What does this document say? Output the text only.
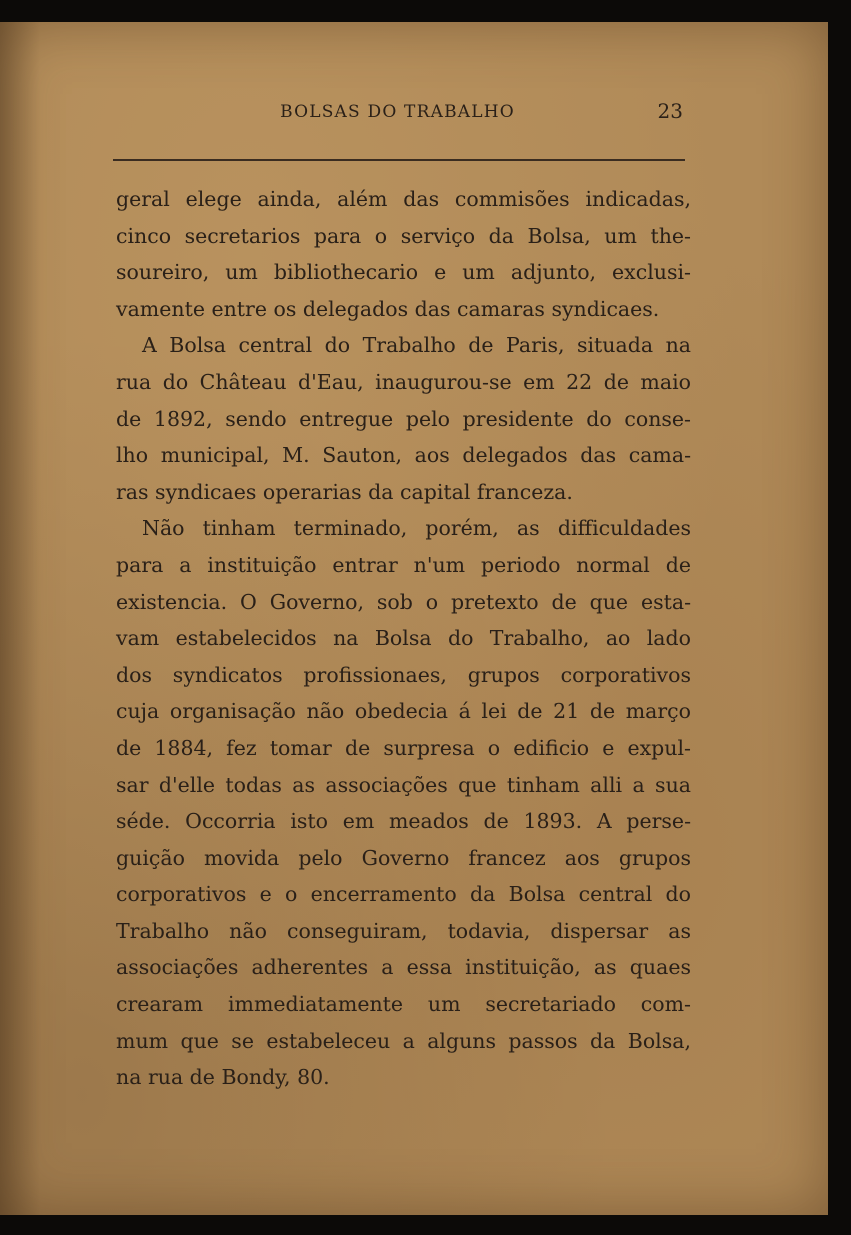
BOLSAS DO TRABALHO	23
geral elege ainda, além das commisões indicadas,
cinco secretarios para o serviço da Bolsa, um the-
soureiro, um bibliothecario e um adjunto, exclusi-
vamente entre os delegados das camaras syndicaes.
A Bolsa central do Trabalho de Paris, situada na
rua do Château d'Eau, inaugurou-se em 22 de maio
de 1892, sendo entregue pelo presidente do conse-
lho municipal, M. Sauton, aos delegados das cama-
ras syndicaes operarias da capital franceza.
Não tinham terminado, porém, as difficuldades
para a instituição entrar n'um periodo normal de
existencia. O Governo, sob o pretexto de que esta-
vam estabelecidos na Bolsa do Trabalho, ao lado
dos syndicatos profissionaes, grupos corporativos
cuja organisação não obedecia á lei de 21 de março
de 1884, fez tomar de surpresa o edificio e expul-
sar d'elle todas as associações que tinham alli a sua
séde. Occorria isto em meados de 1893. A perse-
guição movida pelo Governo francez aos grupos
corporativos e o encerramento da Bolsa central do
Trabalho não conseguiram, todavia, dispersar as
associações adherentes a essa instituição, as quaes
crearam immediatamente um secretariado com-
mum que se estabeleceu a alguns passos da Bolsa,
na rua de Bondy, 80.
